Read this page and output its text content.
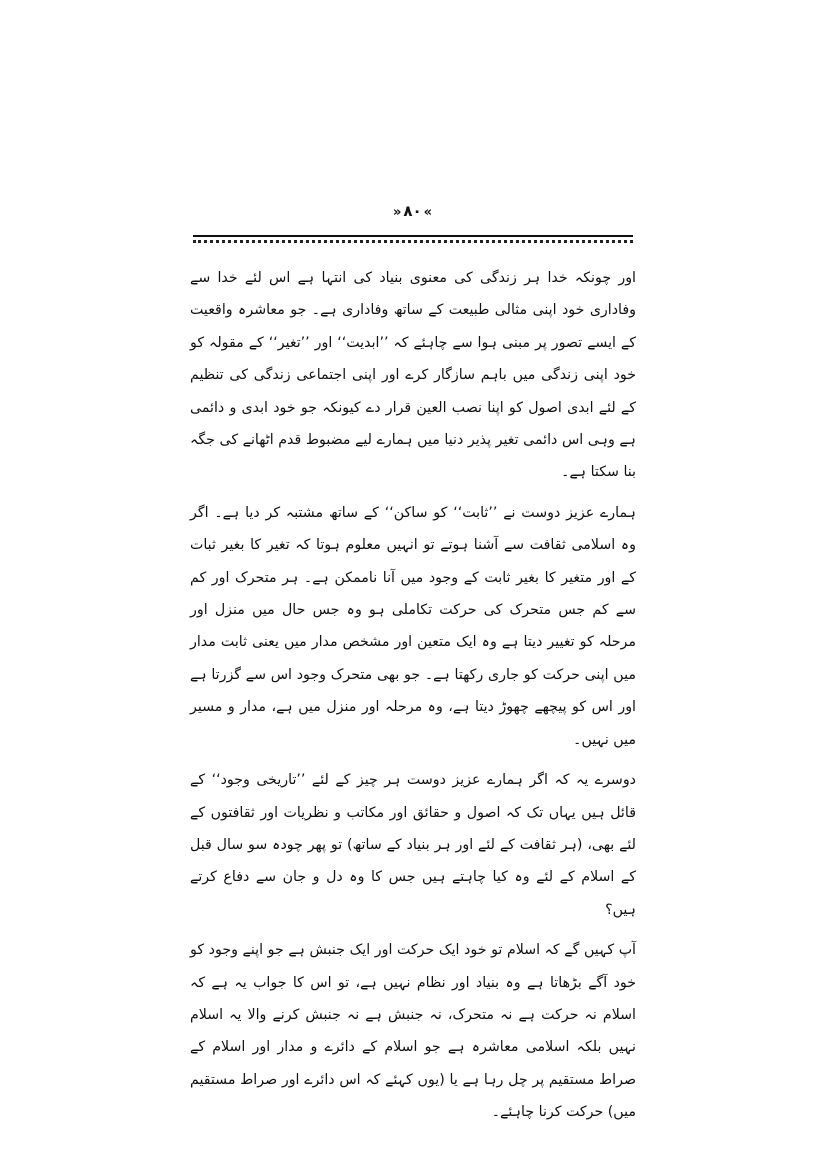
»۸۰«

اور چونکہ خدا ہر زندگی کی معنوی بنیاد کی انتہا ہے اس لئے خدا سے وفاداری خود اپنی مثالی طبیعت کے ساتھ وفاداری ہے۔ جو معاشرہ واقعیت کے ایسے تصور پر مبنی ہوا سے چاہئے کہ ’’ابدیت‘‘ اور ’’تغیر‘‘ کے مقولہ کو خود اپنی زندگی میں باہم سازگار کرے اور اپنی اجتماعی زندگی کی تنظیم کے لئے ابدی اصول کو اپنا نصب العین قرار دے کیونکہ جو خود ابدی و دائمی ہے وہی اس دائمی تغیر پذیر دنیا میں ہمارے لیے مضبوط قدم اٹھانے کی جگہ بنا سکتا ہے۔

ہمارے عزیز دوست نے ’’ثابت‘‘ کو ساکن‘‘ کے ساتھ مشتبہ کر دیا ہے۔ اگر وہ اسلامی ثقافت سے آشنا ہوتے تو انہیں معلوم ہوتا کہ تغیر کا بغیر ثبات کے اور متغیر کا بغیر ثابت کے وجود میں آنا ناممکن ہے۔ ہر متحرک اور کم سے کم جس متحرک کی حرکت تکاملی ہو وہ جس حال میں منزل اور مرحلہ کو تغییر دیتا ہے وہ ایک متعین اور مشخص مدار میں یعنی ثابت مدار میں اپنی حرکت کو جاری رکھتا ہے۔ جو بھی متحرک وجود اس سے گزرتا ہے اور اس کو پیچھے چھوڑ دیتا ہے، وہ مرحلہ اور منزل میں ہے، مدار و مسیر میں نہیں۔

دوسرے یہ کہ اگر ہمارے عزیز دوست ہر چیز کے لئے ’’تاریخی وجود‘‘ کے قائل ہیں یہاں تک کہ اصول و حقائق اور مکاتب و نظریات اور ثقافتوں کے لئے بھی، (ہر ثقافت کے لئے اور ہر بنیاد کے ساتھ) تو پھر چودہ سو سال قبل کے اسلام کے لئے وہ کیا چاہتے ہیں جس کا وہ دل و جان سے دفاع کرتے ہیں؟

آپ کہیں گے کہ اسلام تو خود ایک حرکت اور ایک جنبش ہے جو اپنے وجود کو خود آگے بڑھاتا ہے وہ بنیاد اور نظام نہیں ہے، تو اس کا جواب یہ ہے کہ اسلام نہ حرکت ہے نہ متحرک، نہ جنبش ہے نہ جنبش کرنے والا یہ اسلام نہیں بلکہ اسلامی معاشرہ ہے جو اسلام کے دائرے و مدار اور اسلام کے صراط مستقیم پر چل رہا ہے یا (یوں کہئے کہ اس دائرے اور صراط مستقیم میں) حرکت کرنا چاہئے۔
